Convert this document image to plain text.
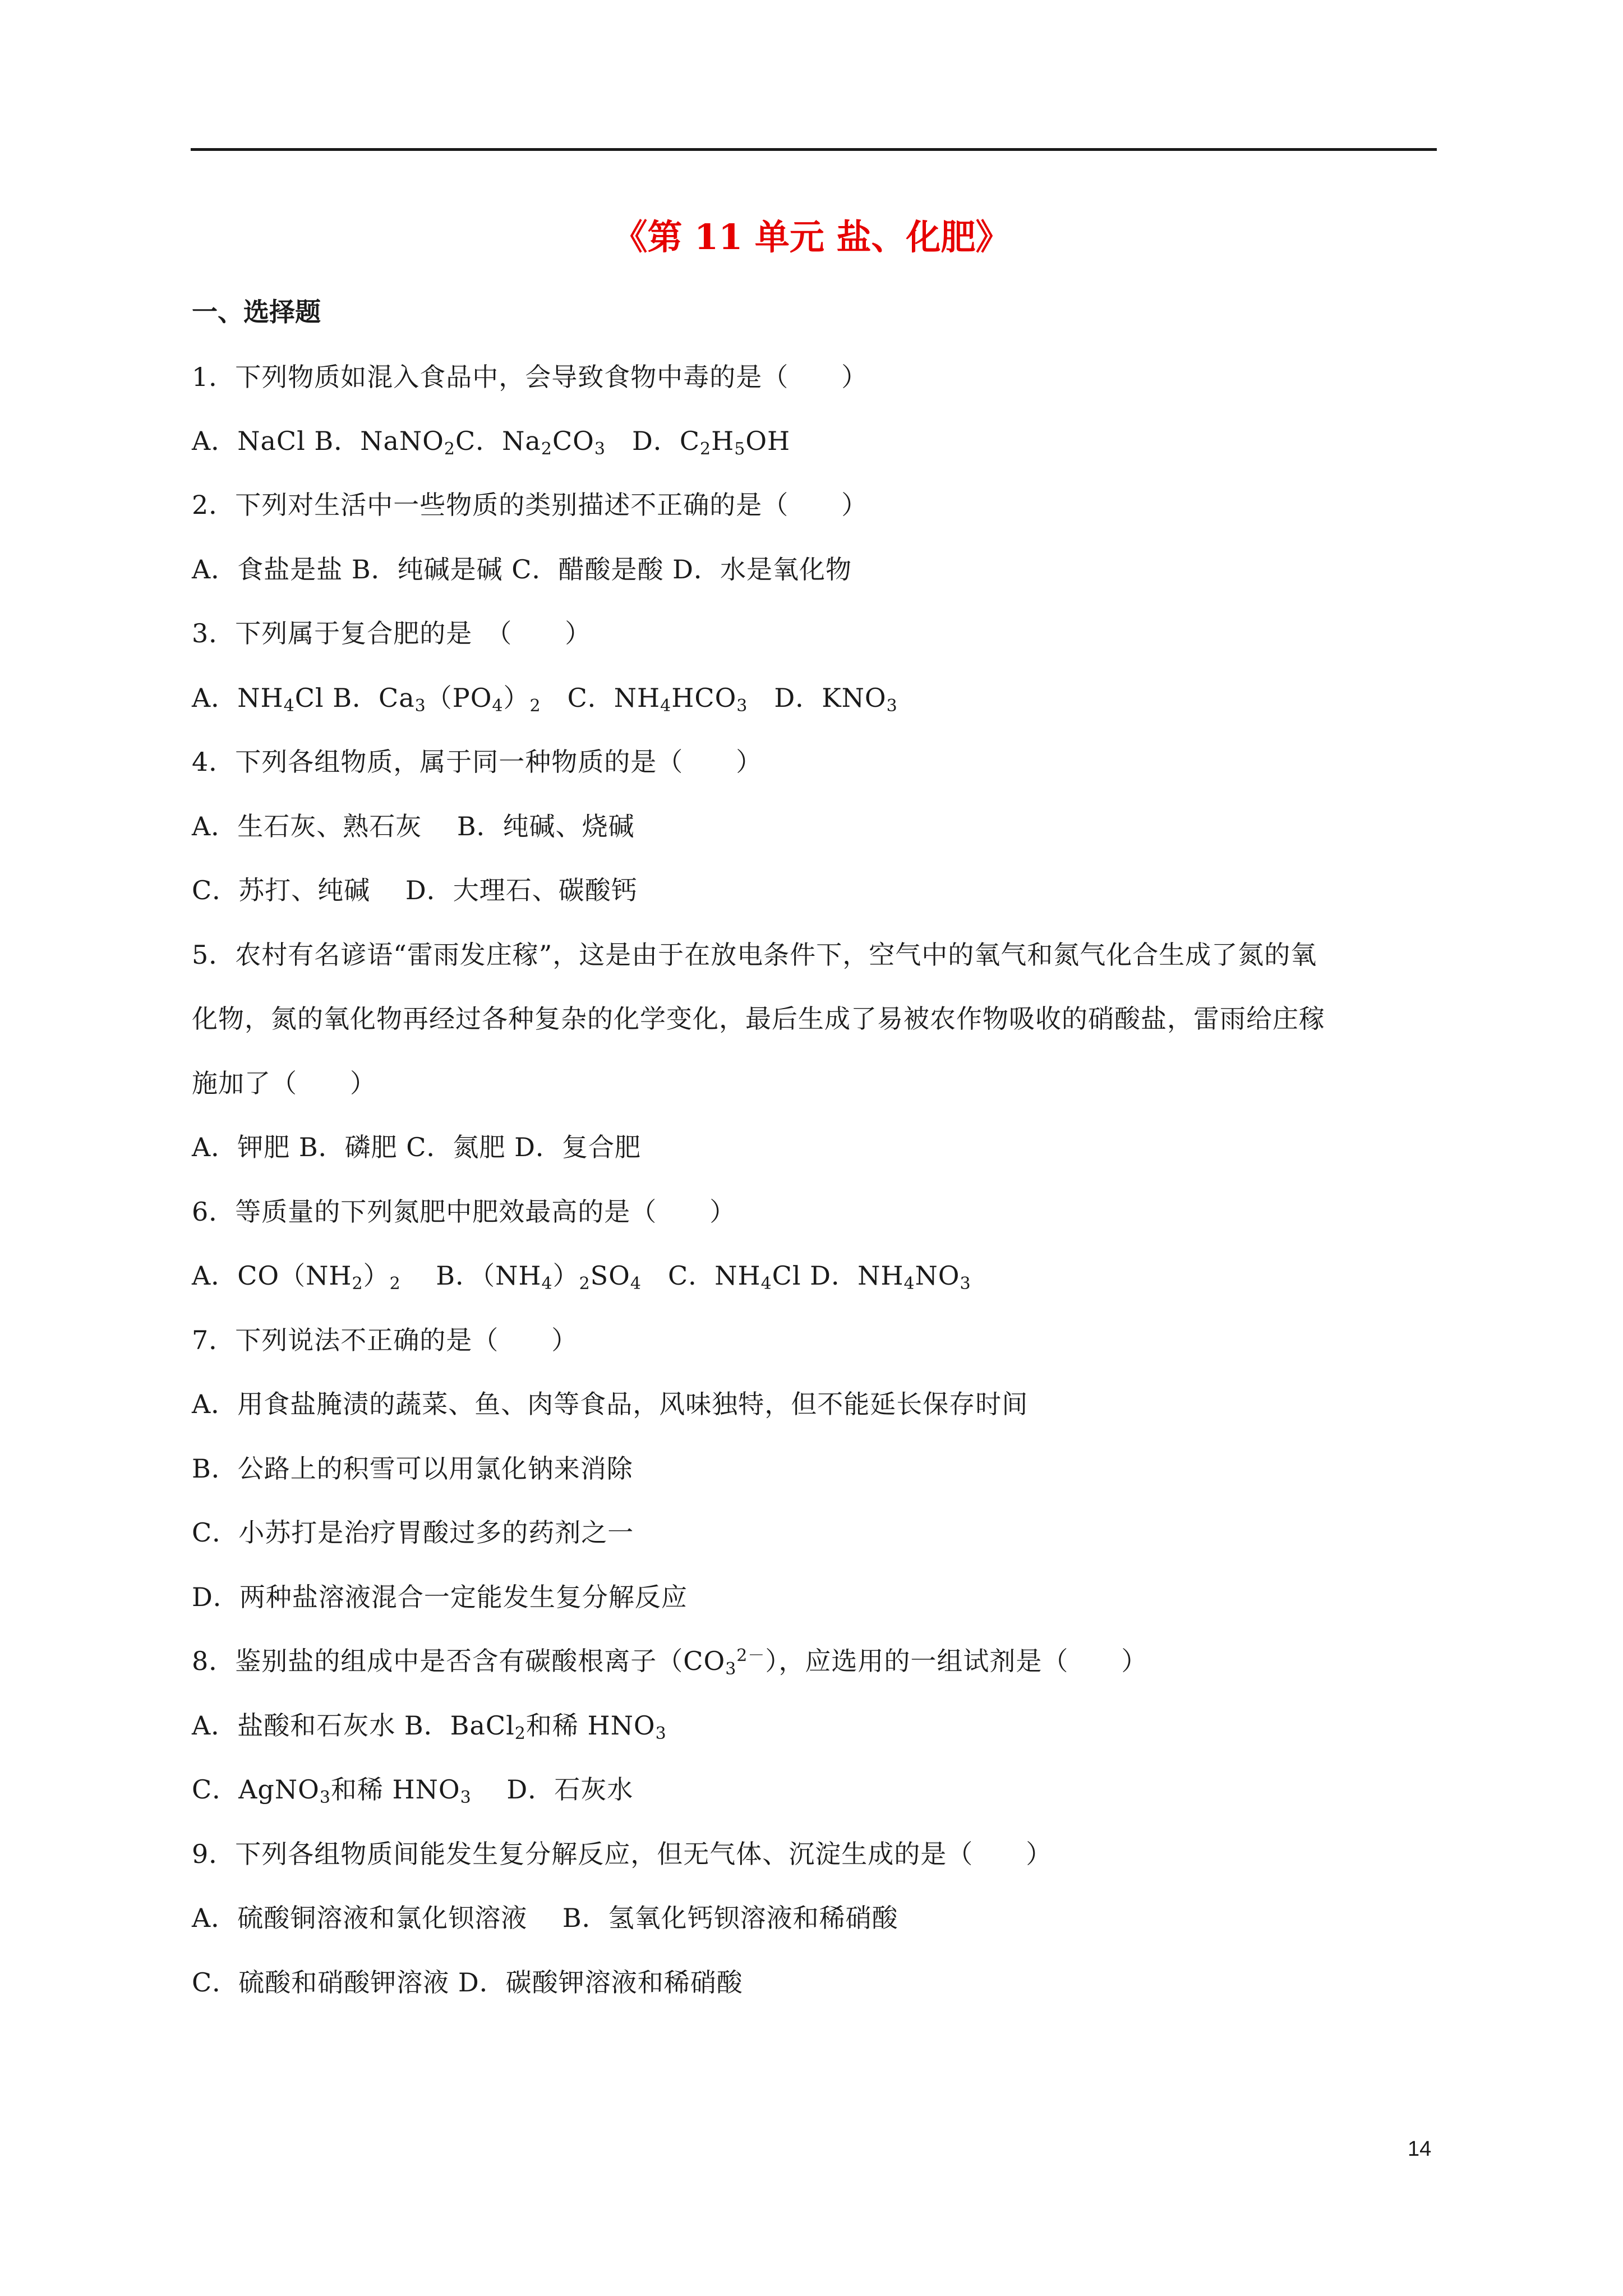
《第 11 单元 盐、化肥》
一、选择题
1．下列物质如混入食品中，会导致食物中毒的是（　　）
A．NaCl B．NaNO$_2$C．$Na_2CO_3$　D．$C_2H_5OH$
2．下列对生活中一些物质的类别描述不正确的是（　　）
A．食盐是盐 B．纯碱是碱 C．醋酸是酸 D．水是氧化物
3．下列属于复合肥的是　（　　）
A．$NH_4Cl$ B．$Ca_3(PO_4)_2$　C．$NH_4HCO_3$　D．$KNO_3$
4．下列各组物质，属于同一种物质的是（　　）
A．生石灰、熟石灰　 B．纯碱、烧碱
C．苏打、纯碱　 D．大理石、碳酸钙
5．农村有名谚语“雷雨发庄稼”，这是由于在放电条件下，空气中的氧气和氮气化合生成了氮的氧
化物，氮的氧化物再经过各种复杂的化学变化，最后生成了易被农作物吸收的硝酸盐，雷雨给庄稼
施加了（　　）
A．钾肥 B．磷肥 C．氮肥 D．复合肥
6．等质量的下列氮肥中肥效最高的是（　　）
A．$CO(NH_2)_2$　 B．$(NH_4)_2SO_4$　C．$NH_4Cl$ D．$NH_4NO_3$
7．下列说法不正确的是（　　）
A．用食盐腌渍的蔬菜、鱼、肉等食品，风味独特，但不能延长保存时间
B．公路上的积雪可以用氯化钠来消除
C．小苏打是治疗胃酸过多的药剂之一
D．两种盐溶液混合一定能发生复分解反应
8．鉴别盐的组成中是否含有碳酸根离子$(CO_3^{2-})$，应选用的一组试剂是（　　）
A．盐酸和石灰水 B．BaCl$_2$和稀 $HNO_3$
C．AgNO$_3$和稀 $HNO_3$　 D．石灰水
9．下列各组物质间能发生复分解反应，但无气体、沉淀生成的是（　　）
A．硫酸铜溶液和氯化钡溶液　 B．氢氧化钙钡溶液和稀硝酸
C．硫酸和硝酸钾溶液 D．碳酸钾溶液和稀硝酸
14
